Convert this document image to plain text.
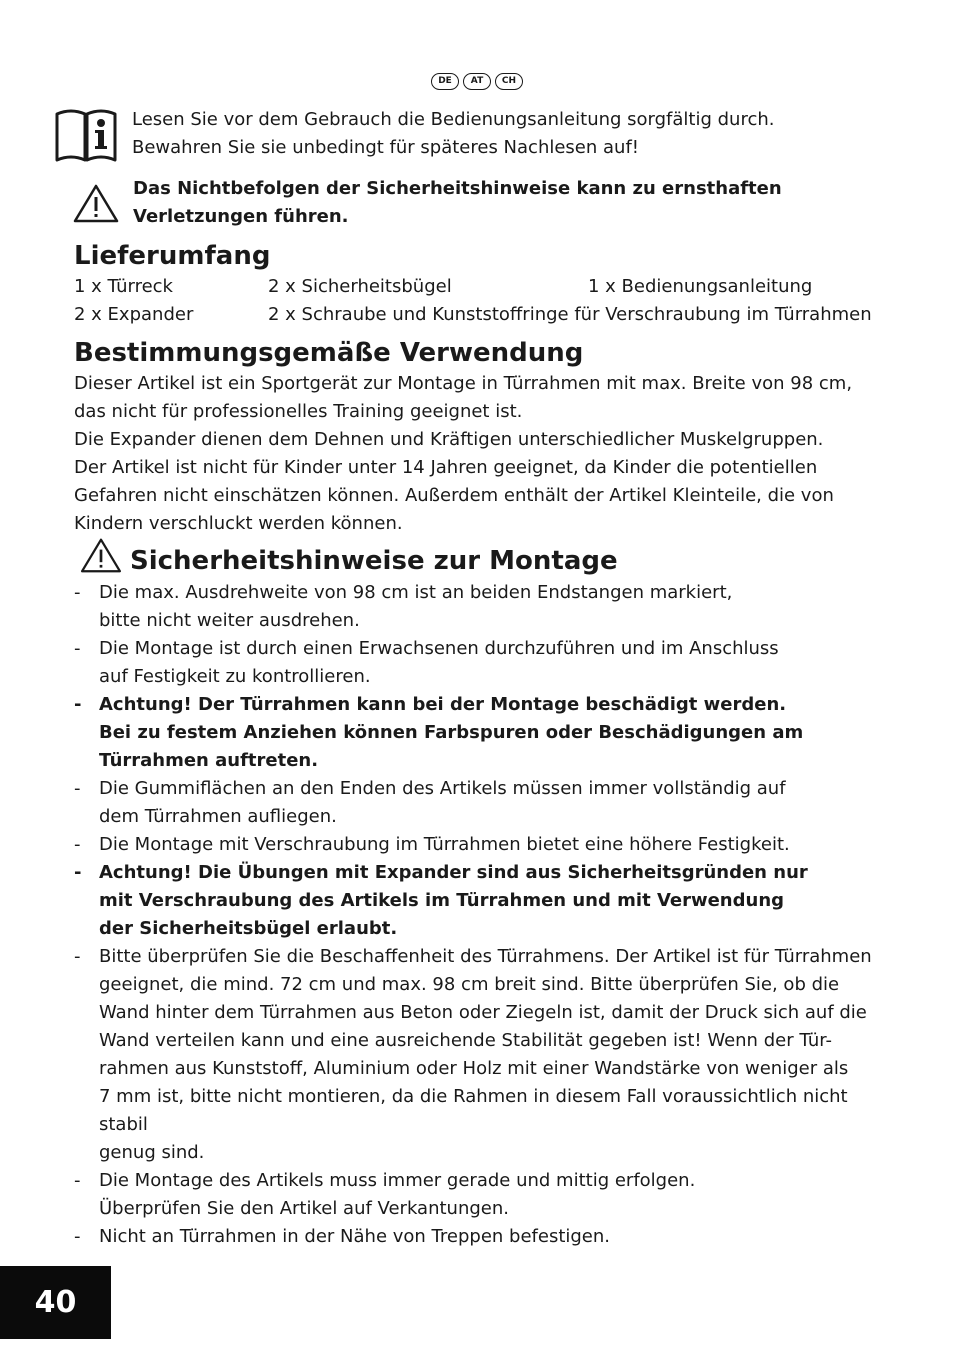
DE	AT	CH
Lesen Sie vor dem Gebrauch die Bedienungsanleitung sorgfältig durch.
Bewahren Sie sie unbedingt für späteres Nachlesen auf!
Das Nichtbefolgen der Sicherheitshinweise kann zu ernsthaften
Verletzungen führen.
Lieferumfang
1 x Türreck	2 x Sicherheitsbügel	1 x Bedienungsanleitung
2 x Expander	2 x Schraube und Kunststoffringe für Verschraubung im Türrahmen
Bestimmungsgemäße Verwendung

Dieser Artikel ist ein Sportgerät zur Montage in Türrahmen mit max. Breite von 98 cm,

das nicht für professionelles Training geeignet ist.

Die Expander dienen dem Dehnen und Kräftigen unterschiedlicher Muskelgruppen.

Der Artikel ist nicht für Kinder unter 14 Jahren geeignet, da Kinder die potentiellen

Gefahren nicht einschätzen können. Außerdem enthält der Artikel Kleinteile, die von

Kindern verschluckt werden können.

Sicherheitshinweise zur Montage
- Die max. Ausdrehweite von 98 cm ist an beiden Endstangen markiert,
bitte nicht weiter ausdrehen.
- Die Montage ist durch einen Erwachsenen durchzuführen und im Anschluss
auf Festigkeit zu kontrollieren.
- Achtung! Der Türrahmen kann bei der Montage beschädigt werden.
Bei zu festem Anziehen können Farbspuren oder Beschädigungen am
Türrahmen auftreten.
- Die Gummiflächen an den Enden des Artikels müssen immer vollständig auf
dem Türrahmen aufliegen.
- Die Montage mit Verschraubung im Türrahmen bietet eine höhere Festigkeit.
- Achtung! Die Übungen mit Expander sind aus Sicherheitsgründen nur
mit Verschraubung des Artikels im Türrahmen und mit Verwendung
der Sicherheitsbügel erlaubt.
- Bitte überprüfen Sie die Beschaffenheit des Türrahmens. Der Artikel ist für Türrahmen
geeignet, die mind. 72 cm und max. 98 cm breit sind. Bitte überprüfen Sie, ob die
Wand hinter dem Türrahmen aus Beton oder Ziegeln ist, damit der Druck sich auf die
Wand verteilen kann und eine ausreichende Stabilität gegeben ist! Wenn der Tür-
rahmen aus Kunststoff, Aluminium oder Holz mit einer Wandstärke von weniger als
7 mm ist, bitte nicht montieren, da die Rahmen in diesem Fall voraussichtlich nicht stabil
genug sind.
- Die Montage des Artikels muss immer gerade und mittig erfolgen.
Überprüfen Sie den Artikel auf Verkantungen.
- Nicht an Türrahmen in der Nähe von Treppen befestigen.
40
